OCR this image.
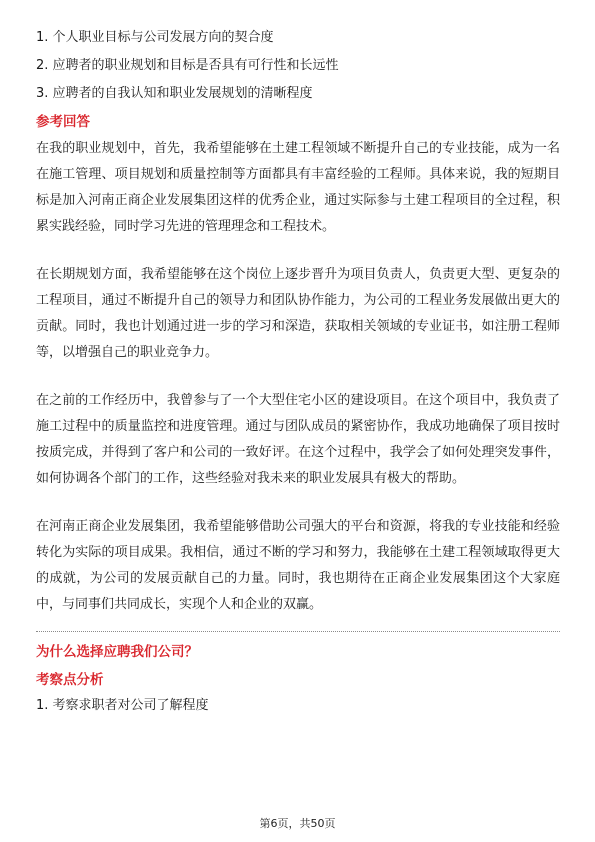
1. 个人职业目标与公司发展方向的契合度

2. 应聘者的职业规划和目标是否具有可行性和长远性

3. 应聘者的自我认知和职业发展规划的清晰程度

参考回答

在我的职业规划中，首先，我希望能够在土建工程领域不断提升自己的专业技能，成为一名在施工管理、项目规划和质量控制等方面都具有丰富经验的工程师。具体来说，我的短期目标是加入河南正商企业发展集团这样的优秀企业，通过实际参与土建工程项目的全过程，积累实践经验，同时学习先进的管理理念和工程技术。

在长期规划方面，我希望能够在这个岗位上逐步晋升为项目负责人，负责更大型、更复杂的工程项目，通过不断提升自己的领导力和团队协作能力，为公司的工程业务发展做出更大的贡献。同时，我也计划通过进一步的学习和深造，获取相关领域的专业证书，如注册工程师等，以增强自己的职业竞争力。

在之前的工作经历中，我曾参与了一个大型住宅小区的建设项目。在这个项目中，我负责了施工过程中的质量监控和进度管理。通过与团队成员的紧密协作，我成功地确保了项目按时按质完成，并得到了客户和公司的一致好评。在这个过程中，我学会了如何处理突发事件，如何协调各个部门的工作，这些经验对我未来的职业发展具有极大的帮助。

在河南正商企业发展集团，我希望能够借助公司强大的平台和资源，将我的专业技能和经验转化为实际的项目成果。我相信，通过不断的学习和努力，我能够在土建工程领域取得更大的成就，为公司的发展贡献自己的力量。同时，我也期待在正商企业发展集团这个大家庭中，与同事们共同成长，实现个人和企业的双赢。

为什么选择应聘我们公司？

考察点分析

1. 考察求职者对公司了解程度

第6页，共50页
